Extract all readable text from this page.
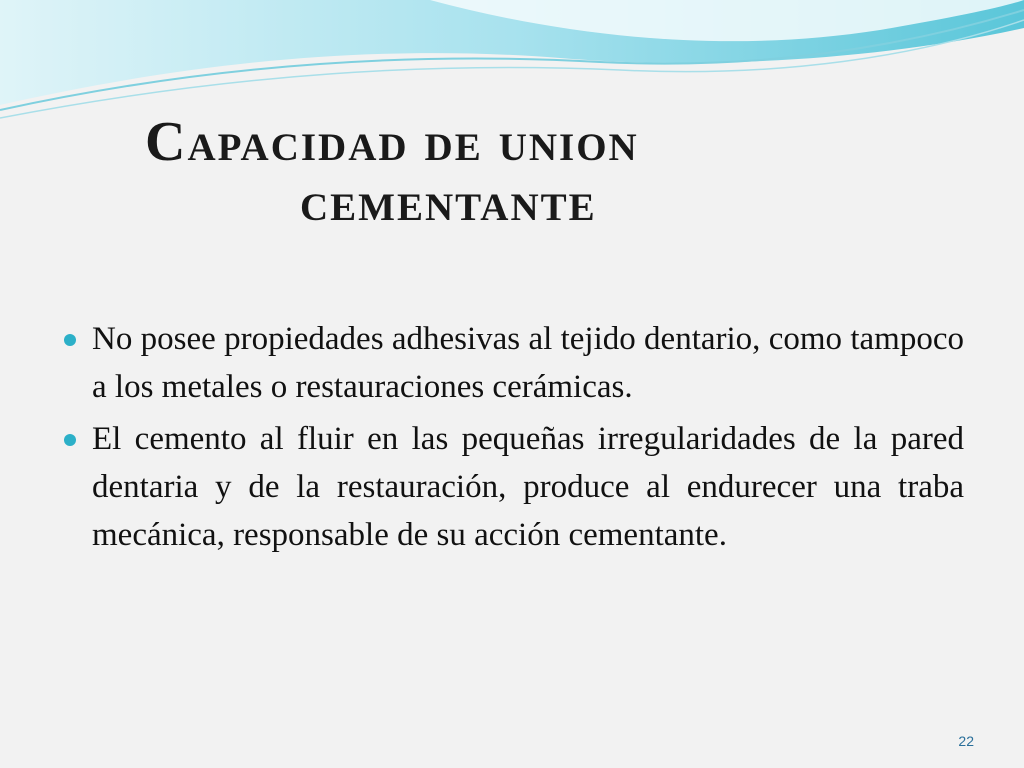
Capacidad de union
cementante
No posee propiedades adhesivas al tejido dentario, como tampoco a los metales o restauraciones cerámicas.
El cemento al fluir en las pequeñas irregularidades de la pared dentaria y de la restauración, produce al endurecer una traba mecánica, responsable de su acción cementante.
22
